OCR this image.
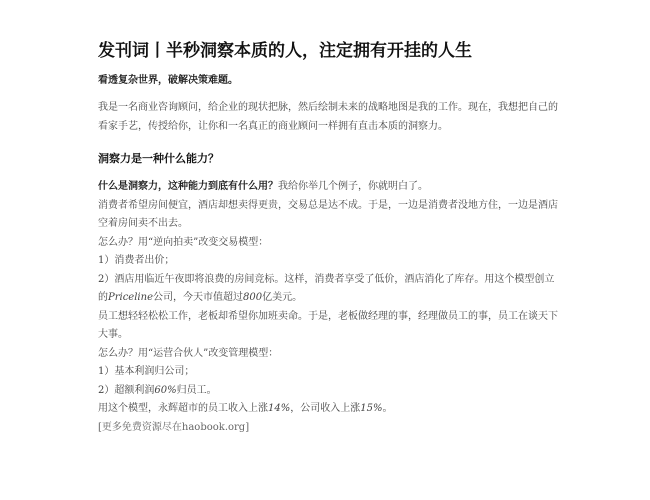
发刊词丨半秒洞察本质的人，注定拥有开挂的人生
看透复杂世界，破解决策难题。
我是一名商业咨询顾问，给企业的现状把脉，然后绘制未来的战略地图是我的工作。现在，我想把自己的看家手艺，传授给你，让你和一名真正的商业顾问一样拥有直击本质的洞察力。
洞察力是一种什么能力？

什么是洞察力，这种能力到底有什么用？我给你举几个例子，你就明白了。

消费者希望房间便宜，酒店却想卖得更贵，交易总是达不成。于是，一边是消费者没地方住，一边是酒店空着房间卖不出去。

怎么办？用“逆向拍卖”改变交易模型：

1）消费者出价；

2）酒店用临近午夜即将浪费的房间竞标。这样，消费者享受了低价，酒店消化了库存。用这个模型创立的Priceline公司，今天市值超过800亿美元。

员工想轻轻松松工作，老板却希望你加班卖命。于是，老板做经理的事，经理做员工的事，员工在谈天下大事。

怎么办？用“运营合伙人”改变管理模型：

1）基本利润归公司；

2）超额利润60%归员工。

用这个模型，永辉超市的员工收入上涨14%，公司收入上涨15%。

[更多免费资源尽在haobook.org]
